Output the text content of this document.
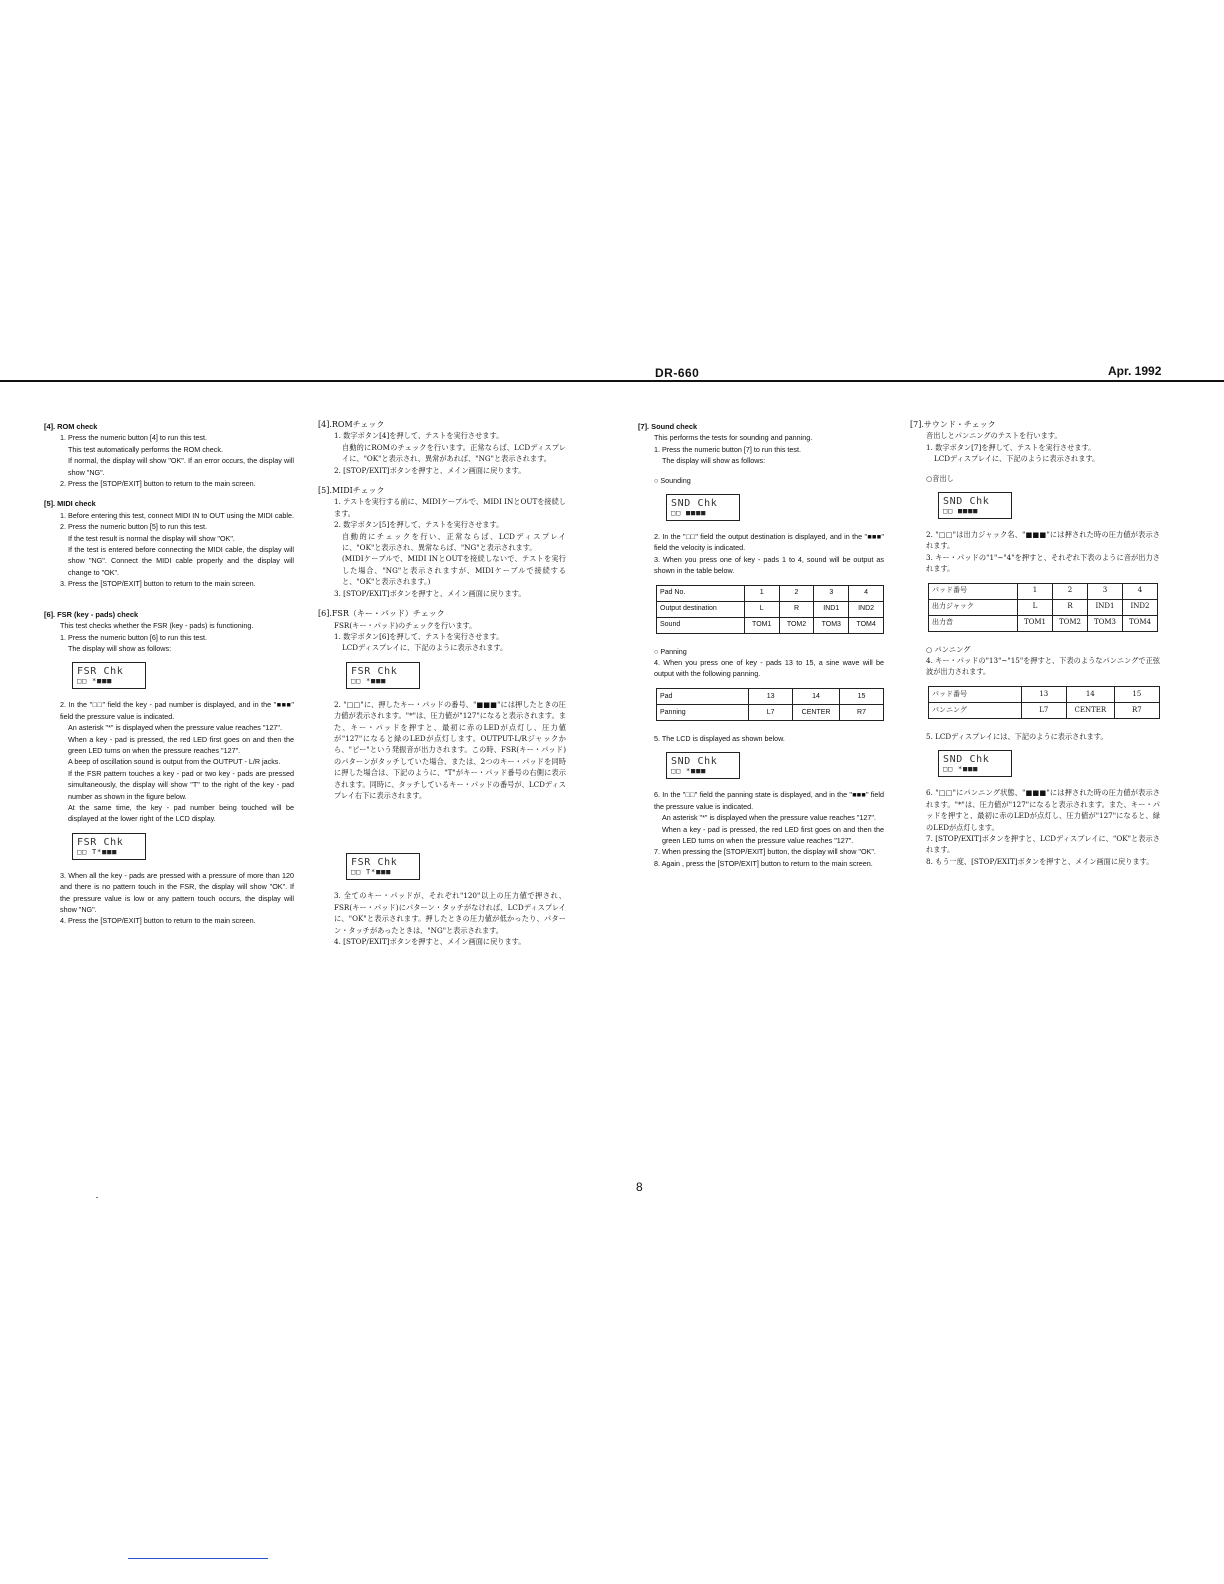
DR-660	Apr. 1992
[4]. ROM check

1. Press the numeric button [4] to run this test.

This test automatically performs the ROM check.

If normal, the display will show "OK". If an error occurs, the display will show "NG".

2. Press the [STOP/EXIT] button to return to the main screen.

[5]. MIDI check

1. Before entering this test, connect MIDI IN to OUT using the MIDI cable.

2. Press the numeric button [5] to run this test.

If the test result is normal the display will show "OK".

If the test is entered before connecting the MIDI cable, the display will show "NG". Connect the MIDI cable properly and the display will change to "OK".

3. Press the [STOP/EXIT] button to return to the main screen.

[6]. FSR (key - pads) check

This test checks whether the FSR (key - pads) is functioning.

1. Press the numeric button [6] to run this test.

The display will show as follows:

FSR Chk
□□ *■■■

2. In the "□□" field the key - pad number is displayed, and in the "■■■" field the pressure value is indicated.

An asterisk "*" is displayed when the pressure value reaches "127".

When a key - pad is pressed, the red LED first goes on and then the green LED turns on when the pressure reaches "127".

A beep of oscillation sound is output from the OUTPUT - L/R jacks.

If the FSR pattern touches a key - pad or two key - pads are pressed simultaneously, the display will show "T" to the right of the key - pad number as shown in the figure below.

At the same time, the key - pad number being touched will be displayed at the lower right of the LCD display.

FSR Chk
□□ T*■■■

3. When all the key - pads are pressed with a pressure of more than 120 and there is no pattern touch in the FSR, the display will show "OK". If the pressure value is low or any pattern touch occurs, the display will show "NG".

4. Press the [STOP/EXIT] button to return to the main screen.

[4].ROMチェック

1. 数字ボタン[4]を押して、テストを実行させます。

自動的にROMのチェックを行います。正常ならば、LCDディスプレイに、"OK"と表示され、異常があれば、"NG"と表示されます。

2. [STOP/EXIT]ボタンを押すと、メイン画面に戻ります。

[5].MIDIチェック

1. テストを実行する前に、MIDIケーブルで、MIDI INとOUTを接続します。

2. 数字ボタン[5]を押して、テストを実行させます。

自動的にチェックを行い、正常ならば、LCDディスプレイに、"OK"と表示され、異常ならば、"NG"と表示されます。

(MIDIケーブルで、MIDI INとOUTを接続しないで、テストを実行した場合、"NG"と表示されますが、MIDIケーブルで接続すると、"OK"と表示されます。)

3. [STOP/EXIT]ボタンを押すと、メイン画面に戻ります。

[6].FSR（キー・パッド）チェック

FSR(キー・パッド)のチェックを行います。

1. 数字ボタン[6]を押して、テストを実行させます。

LCDディスプレイに、下記のように表示されます。

FSR Chk
□□ *■■■

2. "□□"に、押したキー・パッドの番号、"■■■"には押したときの圧力値が表示されます。"*"は、圧力値が"127"になると表示されます。また、キー・パッドを押すと、最初に赤のLEDが点灯し、圧力値が"127"になると緑のLEDが点灯します。OUTPUT-L/Rジャックから、"ピー"という発振音が出力されます。この時、FSR(キー・パッド)のパターンがタッチしていた場合、または、2つのキー・パッドを同時に押した場合は、下記のように、"T"がキー・パッド番号の右側に表示されます。同時に、タッチしているキー・パッドの番号が、LCDディスプレイ右下に表示されます。

FSR Chk
□□ T*■■■

3. 全てのキー・パッドが、それぞれ"120"以上の圧力値で押され、FSR(キー・パッド)にパターン・タッチがなければ、LCDディスプレイに、"OK"と表示されます。押したときの圧力値が低かったり、パターン・タッチがあったときは、"NG"と表示されます。

4. [STOP/EXIT]ボタンを押すと、メイン画面に戻ります。

[7]. Sound check

This performs the tests for sounding and panning.

1. Press the numeric button [7] to run this test.

The display will show as follows:

○ Sounding

SND Chk
□□ ■■■■

2. In the "□□" field the output destination is displayed, and in the "■■■" field the velocity is indicated.

3. When you press one of key - pads 1 to 4, sound will be output as shown in the table below.

Pad No.	1	2	3	4
Output destination	L	R	IND1	IND2
Sound	TOM1	TOM2	TOM3	TOM4

○ Panning

4. When you press one of key - pads 13 to 15, a sine wave will be output with the following panning.

Pad	13	14	15
Panning	L7	CENTER	R7

5. The LCD is displayed as shown below.

SND Chk
□□ *■■■

6. In the "□□" field the panning state is displayed, and in the "■■■" field the pressure value is indicated.

An asterisk "*" is displayed when the pressure value reaches "127".

When a key - pad is pressed, the red LED first goes on and then the green LED turns on when the pressure value reaches "127".

7. When pressing the [STOP/EXIT] button, the display will show "OK".

8. Again , press the [STOP/EXIT] button to return to the main screen.

[7].サウンド・チェック

音出しとパンニングのテストを行います。

1. 数字ボタン[7]を押して、テストを実行させます。

LCDディスプレイに、下記のように表示されます。

○音出し

SND Chk
□□ ■■■■

2. "□□"は出力ジャック名、"■■■"には押された時の圧力値が表示されます。

3. キー・パッドの"1"~"4"を押すと、それぞれ下表のように音が出力されます。

パッド番号	1	2	3	4
出力ジャック	L	R	IND1	IND2
出力音	TOM1	TOM2	TOM3	TOM4

○ パンニング

4. キー・パッドの"13"~"15"を押すと、下表のようなパンニングで正弦波が出力されます。

パッド番号	13	14	15
パンニング	L7	CENTER	R7

5. LCDディスプレイには、下記のように表示されます。

SND Chk
□□ *■■■

6. "□□"にパンニング状態、"■■■"には押された時の圧力値が表示されます。"*"は、圧力値が"127"になると表示されます。また、キー・パッドを押すと、最初に赤のLEDが点灯し、圧力値が"127"になると、緑のLEDが点灯します。

7. [STOP/EXIT]ボタンを押すと、LCDディスプレイに、"OK"と表示されます。

8. もう一度、[STOP/EXIT]ボタンを押すと、メイン画面に戻ります。

8
